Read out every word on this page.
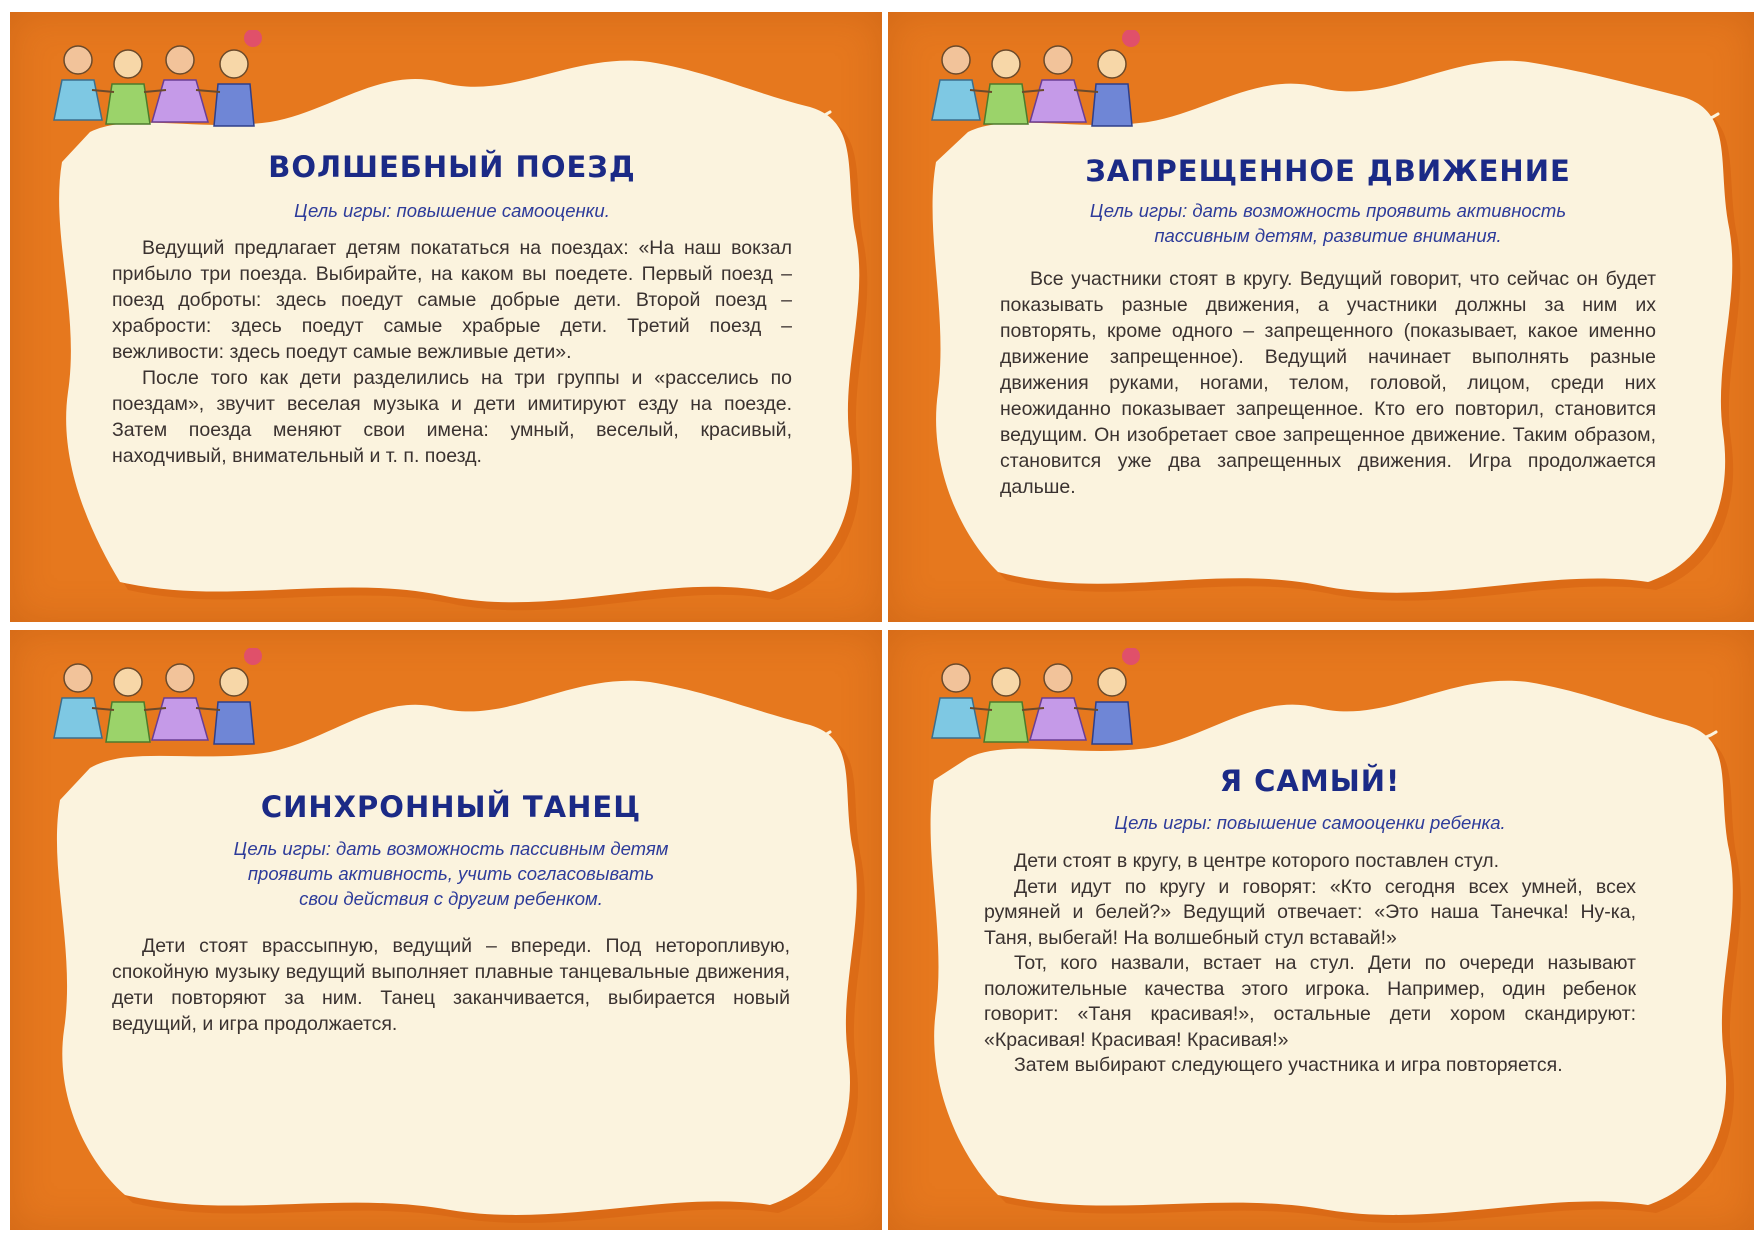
ВОЛШЕБНЫЙ ПОЕЗД

Цель игры: повышение самооценки.

Ведущий предлагает детям покататься на поездах: «На наш вокзал прибыло три поезда. Выбирайте, на каком вы поедете. Первый поезд – поезд доброты: здесь поедут самые добрые дети. Второй поезд – храбрости: здесь поедут самые храбрые дети. Третий поезд – вежливости: здесь поедут самые вежливые дети».

После того как дети разделились на три группы и «расселись по поездам», звучит веселая музыка и дети имитируют езду на поезде. Затем поезда меняют свои имена: умный, веселый, красивый, находчивый, внимательный и т. п. поезд.

ЗАПРЕЩЕННОЕ ДВИЖЕНИЕ

Цель игры: дать возможность проявить активность
пассивным детям, развитие внимания.

Все участники стоят в кругу. Ведущий говорит, что сейчас он будет показывать разные движения, а участники должны за ним их повторять, кроме одного – запрещенного (показывает, какое именно движение запрещенное). Ведущий начинает выполнять разные движения руками, ногами, телом, головой, лицом, среди них неожиданно показывает запрещенное. Кто его повторил, становится ведущим. Он изобретает свое запрещенное движение. Таким образом, становится уже два запрещенных движения. Игра продолжается дальше.

СИНХРОННЫЙ ТАНЕЦ

Цель игры: дать возможность пассивным детям
проявить активность, учить согласовывать
свои действия с другим ребенком.

Дети стоят врассыпную, ведущий – впереди. Под неторопливую, спокойную музыку ведущий выполняет плавные танцевальные движения, дети повторяют за ним. Танец заканчивается, выбирается новый ведущий, и игра продолжается.

Я САМЫЙ!

Цель игры: повышение самооценки ребенка.

Дети стоят в кругу, в центре которого поставлен стул.

Дети идут по кругу и говорят: «Кто сегодня всех умней, всех румяней и белей?» Ведущий отвечает: «Это наша Танечка! Ну-ка, Таня, выбегай! На волшебный стул вставай!»

Тот, кого назвали, встает на стул. Дети по очереди называют положительные качества этого игрока. Например, один ребенок говорит: «Таня красивая!», остальные дети хором скандируют: «Красивая! Красивая! Красивая!»

Затем выбирают следующего участника и игра повторяется.
